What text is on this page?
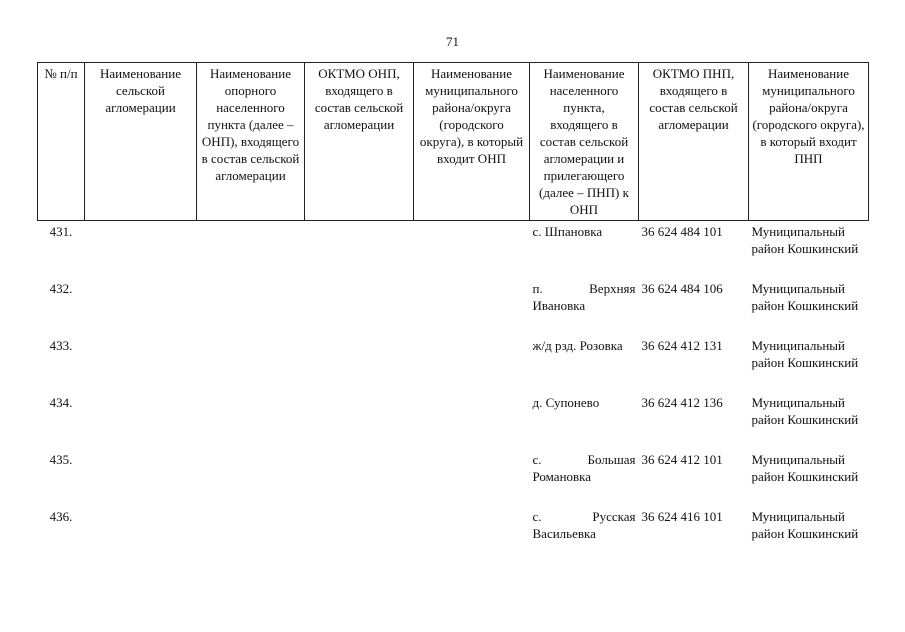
71
№ п/п	Наименование сельской агломерации	Наименование опорного населенного пункта (далее – ОНП), входящего в состав сельской агломерации	ОКТМО ОНП, входящего в состав сельской агломерации	Наименование муниципального района/округа (городского округа), в который входит ОНП	Наименование населенного пункта, входящего в состав сельской агломерации и прилегающего (далее – ПНП) к ОНП	ОКТМО ПНП, входящего в состав сельской агломерации	Наименование муниципального района/округа (городского округа), в который входит ПНП
431.					с. Шпановка	36 624 484 101	Муниципальный район Кошкинский
432.					п. Верхняя Ивановка	36 624 484 106	Муниципальный район Кошкинский
433.					ж/д рзд. Розовка	36 624 412 131	Муниципальный район Кошкинский
434.					д. Супонево	36 624 412 136	Муниципальный район Кошкинский
435.					с. Большая Романовка	36 624 412 101	Муниципальный район Кошкинский
436.					с. Русская Васильевка	36 624 416 101	Муниципальный район Кошкинский
